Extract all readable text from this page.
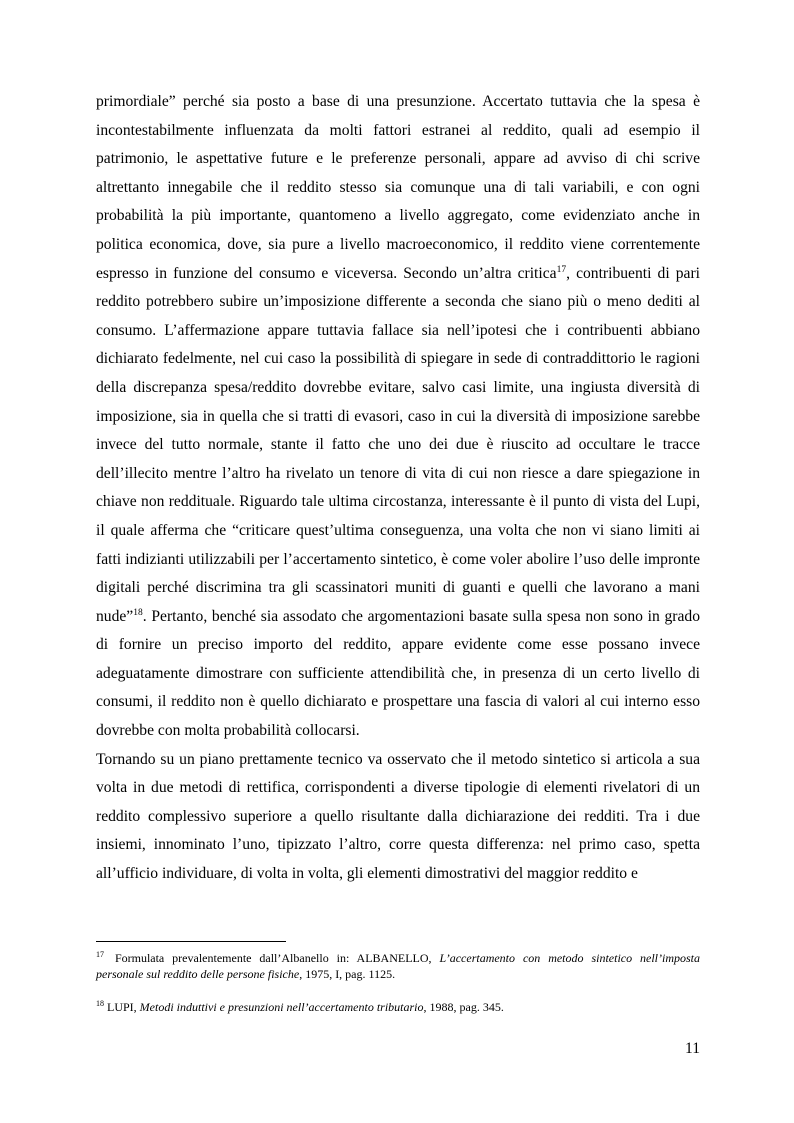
primordiale” perché sia posto a base di una presunzione. Accertato tuttavia che la spesa è incontestabilmente influenzata da molti fattori estranei al reddito, quali ad esempio il patrimonio, le aspettative future e le preferenze personali, appare ad avviso di chi scrive altrettanto innegabile che il reddito stesso sia comunque una di tali variabili, e con ogni probabilità la più importante, quantomeno a livello aggregato, come evidenziato anche in politica economica, dove, sia pure a livello macroeconomico, il reddito viene correntemente espresso in funzione del consumo e viceversa. Secondo un’altra critica$^{17}$, contribuenti di pari reddito potrebbero subire un’imposizione differente a seconda che siano più o meno dediti al consumo. L’affermazione appare tuttavia fallace sia nell’ipotesi che i contribuenti abbiano dichiarato fedelmente, nel cui caso la possibilità di spiegare in sede di contraddittorio le ragioni della discrepanza spesa/reddito dovrebbe evitare, salvo casi limite, una ingiusta diversità di imposizione, sia in quella che si tratti di evasori, caso in cui la diversità di imposizione sarebbe invece del tutto normale, stante il fatto che uno dei due è riuscito ad occultare le tracce dell’illecito mentre l’altro ha rivelato un tenore di vita di cui non riesce a dare spiegazione in chiave non reddituale. Riguardo tale ultima circostanza, interessante è il punto di vista del Lupi, il quale afferma che “criticare quest’ultima conseguenza, una volta che non vi siano limiti ai fatti indizianti utilizzabili per l’accertamento sintetico, è come voler abolire l’uso delle impronte digitali perché discrimina tra gli scassinatori muniti di guanti e quelli che lavorano a mani nude”$^{18}$. Pertanto, benché sia assodato che argomentazioni basate sulla spesa non sono in grado di fornire un preciso importo del reddito, appare evidente come esse possano invece adeguatamente dimostrare con sufficiente attendibilità che, in presenza di un certo livello di consumi, il reddito non è quello dichiarato e prospettare una fascia di valori al cui interno esso dovrebbe con molta probabilità collocarsi.

Tornando su un piano prettamente tecnico va osservato che il metodo sintetico si articola a sua volta in due metodi di rettifica, corrispondenti a diverse tipologie di elementi rivelatori di un reddito complessivo superiore a quello risultante dalla dichiarazione dei redditi. Tra i due insiemi, innominato l’uno, tipizzato l’altro, corre questa differenza: nel primo caso, spetta all’ufficio individuare, di volta in volta, gli elementi dimostrativi del maggior reddito e

$^{17}$ Formulata prevalentemente dall’Albanello in: ALBANELLO, L’accertamento con metodo sintetico nell’imposta personale sul reddito delle persone fisiche, 1975, I, pag. 1125.

$^{18}$ LUPI, Metodi induttivi e presunzioni nell’accertamento tributario, 1988, pag. 345.

11
